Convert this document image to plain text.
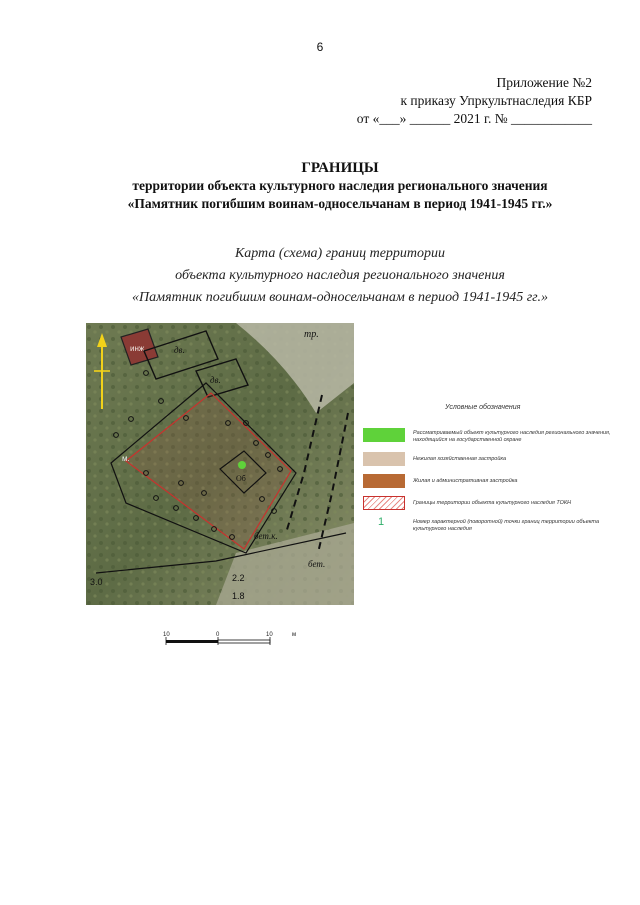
6
Приложение №2
к приказу Упркультнаследия КБР
от «___» ______ 2021 г. № ____________
ГРАНИЦЫ
территории объекта культурного наследия регионального значения
«Памятник погибшим воинам-односельчанам в период 1941-1945 гг.»
Карта (схема) границ территории
объекта культурного наследия регионального значения
«Памятник погибшим воинам-односельчанам в период 1941-1945 гг.»
инж	дв.
дв.
тр.
Об
бет.к.
бет.
м.
3.0	2.2
1.8
Условные обозначения
Рассматриваемый объект культурного наследия регионального значения, находящийся на государственной охране
Нежилая хозяйственная застройка
Жилая и административная застройка
Границы территории объекта культурного наследия ТОКН
1	Номер характерной (поворотной) точки границ территории объекта культурного наследия
10	0	10	м
